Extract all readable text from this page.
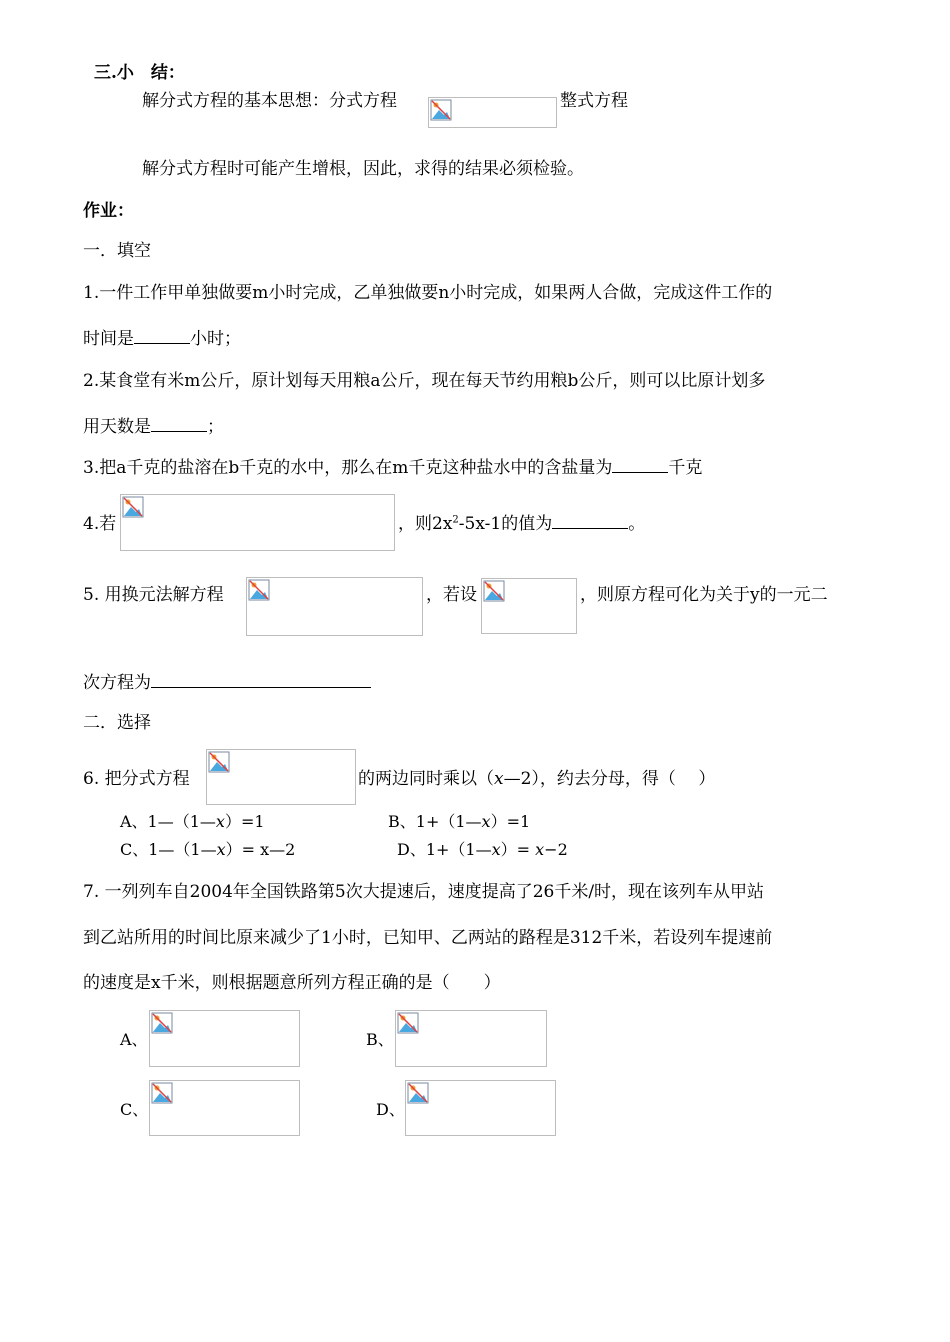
三.小　结：
解分式方程的基本思想：分式方程	整式方程
解分式方程时可能产生增根，因此，求得的结果必须检验。
作业：
一．填空
1.一件工作甲单独做要m小时完成，乙单独做要n小时完成，如果两人合做，完成这件工作的
时间是	小时；
2.某食堂有米m公斤，原计划每天用粮a公斤，现在每天节约用粮b公斤，则可以比原计划多
用天数是	；
3.把a千克的盐溶在b千克的水中，那么在m千克这种盐水中的含盐量为	千克
4.若	，则$2x^2-5x-1$的值为	。
5. 用换元法解方程	，若设	，则原方程可化为关于y的一元二
次方程为
二．选择
6. 把分式方程	的两边同时乘以（x—2），约去分母，得（　 ）
A、1—（1—x）=1	B、1+（1—x）=1
C、1—（1—x）= x—2	D、1+（1—x）= x−2
7. 一列列车自2004年全国铁路第5次大提速后，速度提高了26千米/时，现在该列车从甲站
到乙站所用的时间比原来减少了1小时，已知甲、乙两站的路程是312千米，若设列车提速前
的速度是x千米，则根据题意所列方程正确的是（　　）
A、	B、
C、	D、
